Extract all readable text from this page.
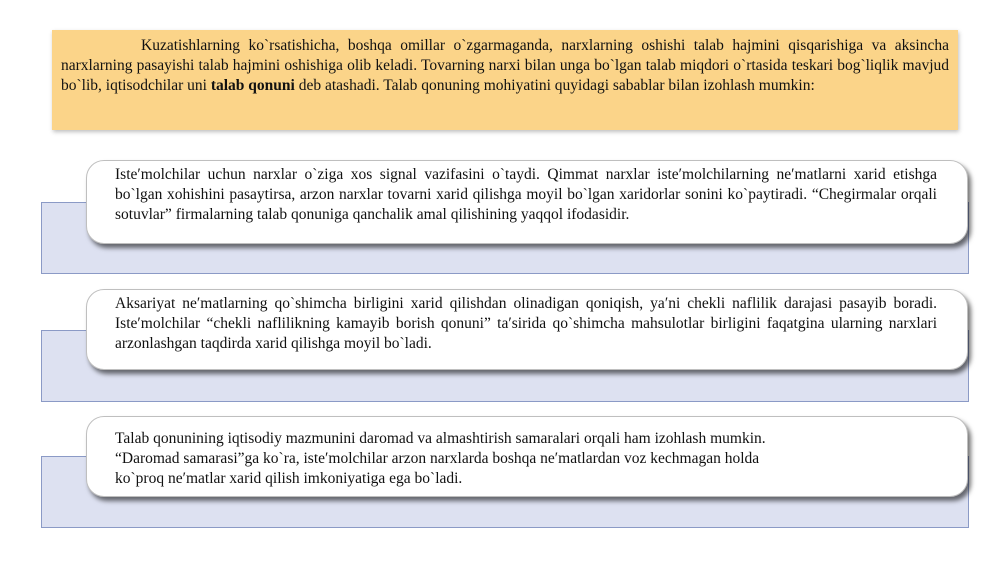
Kuzatishlarning ko`rsatishicha, boshqa omillar o`zgarmaganda, narxlarning oshishi talab hajmini qisqarishiga va aksincha narxlarning pasayishi talab hajmini oshishiga olib keladi. Tovarning narxi bilan unga bo`lgan talab miqdori o`rtasida teskari bog`liqlik mavjud bo`lib, iqtisodchilar uni talab qonuni deb atashadi. Talab qonuning mohiyatini quyidagi sabablar bilan izohlash mumkin:

Iste′molchilar uchun narxlar o`ziga xos signal vazifasini o`taydi. Qimmat narxlar iste′molchilarning ne′matlarni xarid etishga bo`lgan xohishini pasaytirsa, arzon narxlar tovarni xarid qilishga moyil bo`lgan xaridorlar sonini ko`paytiradi. “Chegirmalar orqali sotuvlar” firmalarning talab qonuniga qanchalik amal qilishining yaqqol ifodasidir.

Aksariyat ne′matlarning qo`shimcha birligini xarid qilishdan olinadigan qoniqish, ya′ni chekli naflilik darajasi pasayib boradi. Iste′molchilar “chekli naflilikning kamayib borish qonuni” ta′sirida qo`shimcha mahsulotlar birligini faqatgina ularning narxlari arzonlashgan taqdirda xarid qilishga moyil bo`ladi.

Talab qonunining iqtisodiy mazmunini daromad va almashtirish samaralari orqali ham izohlash mumkin.

“Daromad samarasi”ga ko`ra, iste′molchilar arzon narxlarda boshqa ne′matlardan voz kechmagan holda

ko`proq ne′matlar xarid qilish imkoniyatiga ega bo`ladi.
